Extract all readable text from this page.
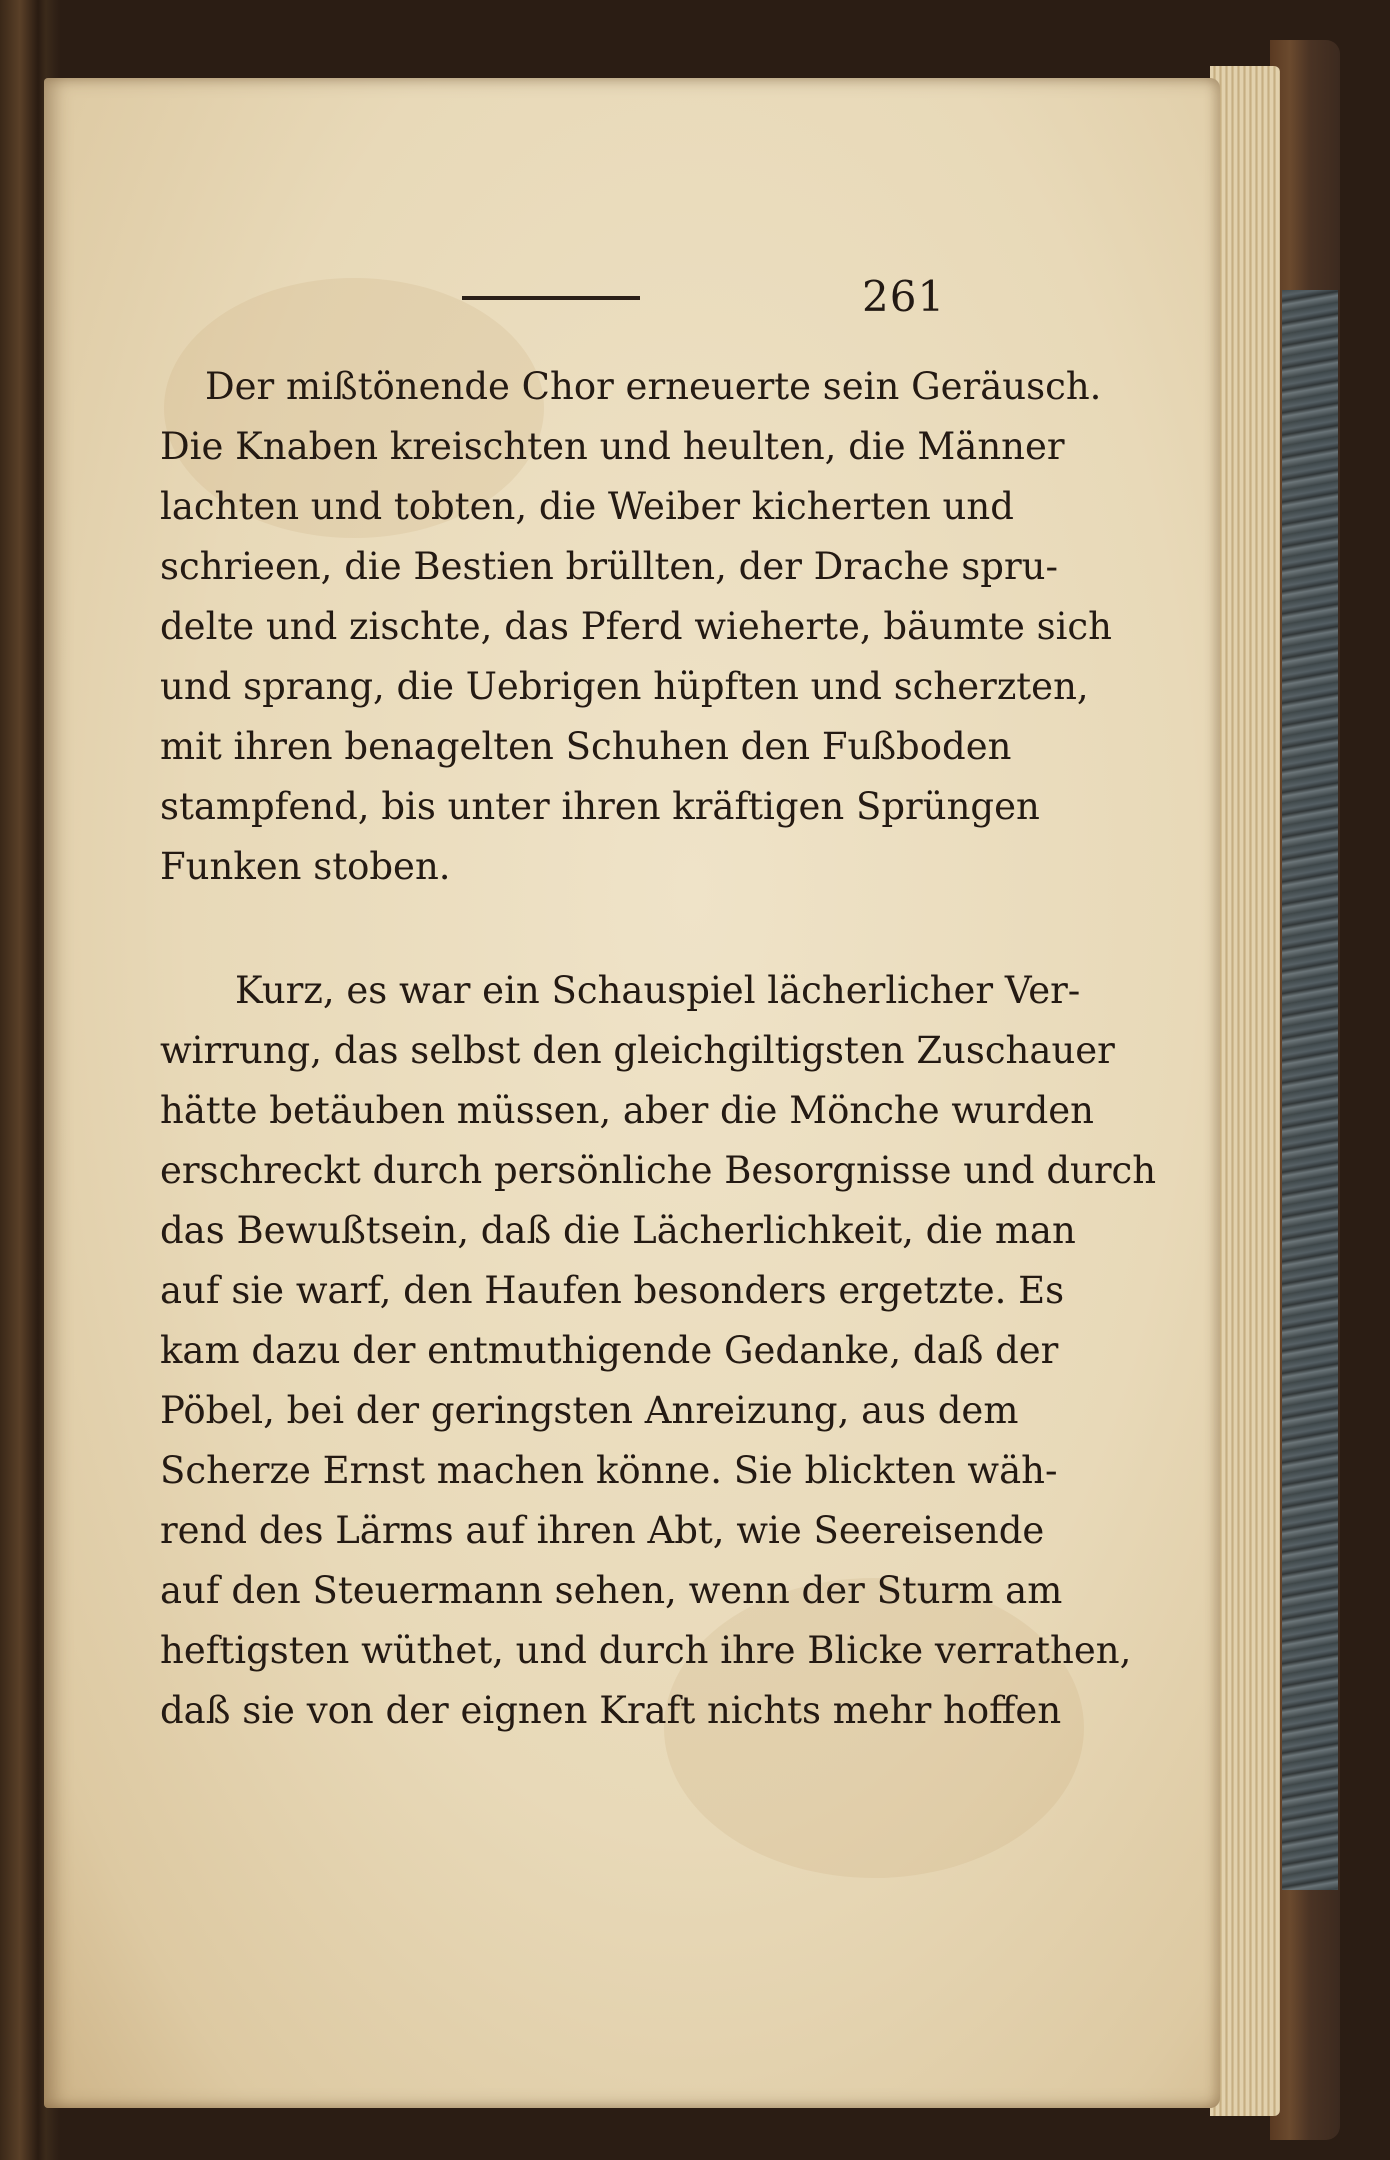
261
Der mißtönende Chor erneuerte sein Geräusch.
Die Knaben kreischten und heulten, die Männer
lachten und tobten, die Weiber kicherten und
schrieen, die Bestien brüllten, der Drache spru-
delte und zischte, das Pferd wieherte, bäumte sich
und sprang, die Uebrigen hüpften und scherzten,
mit ihren benagelten Schuhen den Fußboden
stampfend, bis unter ihren kräftigen Sprüngen
Funken stoben.
Kurz, es war ein Schauspiel lächerlicher Ver-
wirrung, das selbst den gleichgiltigsten Zuschauer
hätte betäuben müssen, aber die Mönche wurden
erschreckt durch persönliche Besorgnisse und durch
das Bewußtsein, daß die Lächerlichkeit, die man
auf sie warf, den Haufen besonders ergetzte. Es
kam dazu der entmuthigende Gedanke, daß der
Pöbel, bei der geringsten Anreizung, aus dem
Scherze Ernst machen könne. Sie blickten wäh-
rend des Lärms auf ihren Abt, wie Seereisende
auf den Steuermann sehen, wenn der Sturm am
heftigsten wüthet, und durch ihre Blicke verrathen,
daß sie von der eignen Kraft nichts mehr hoffen
